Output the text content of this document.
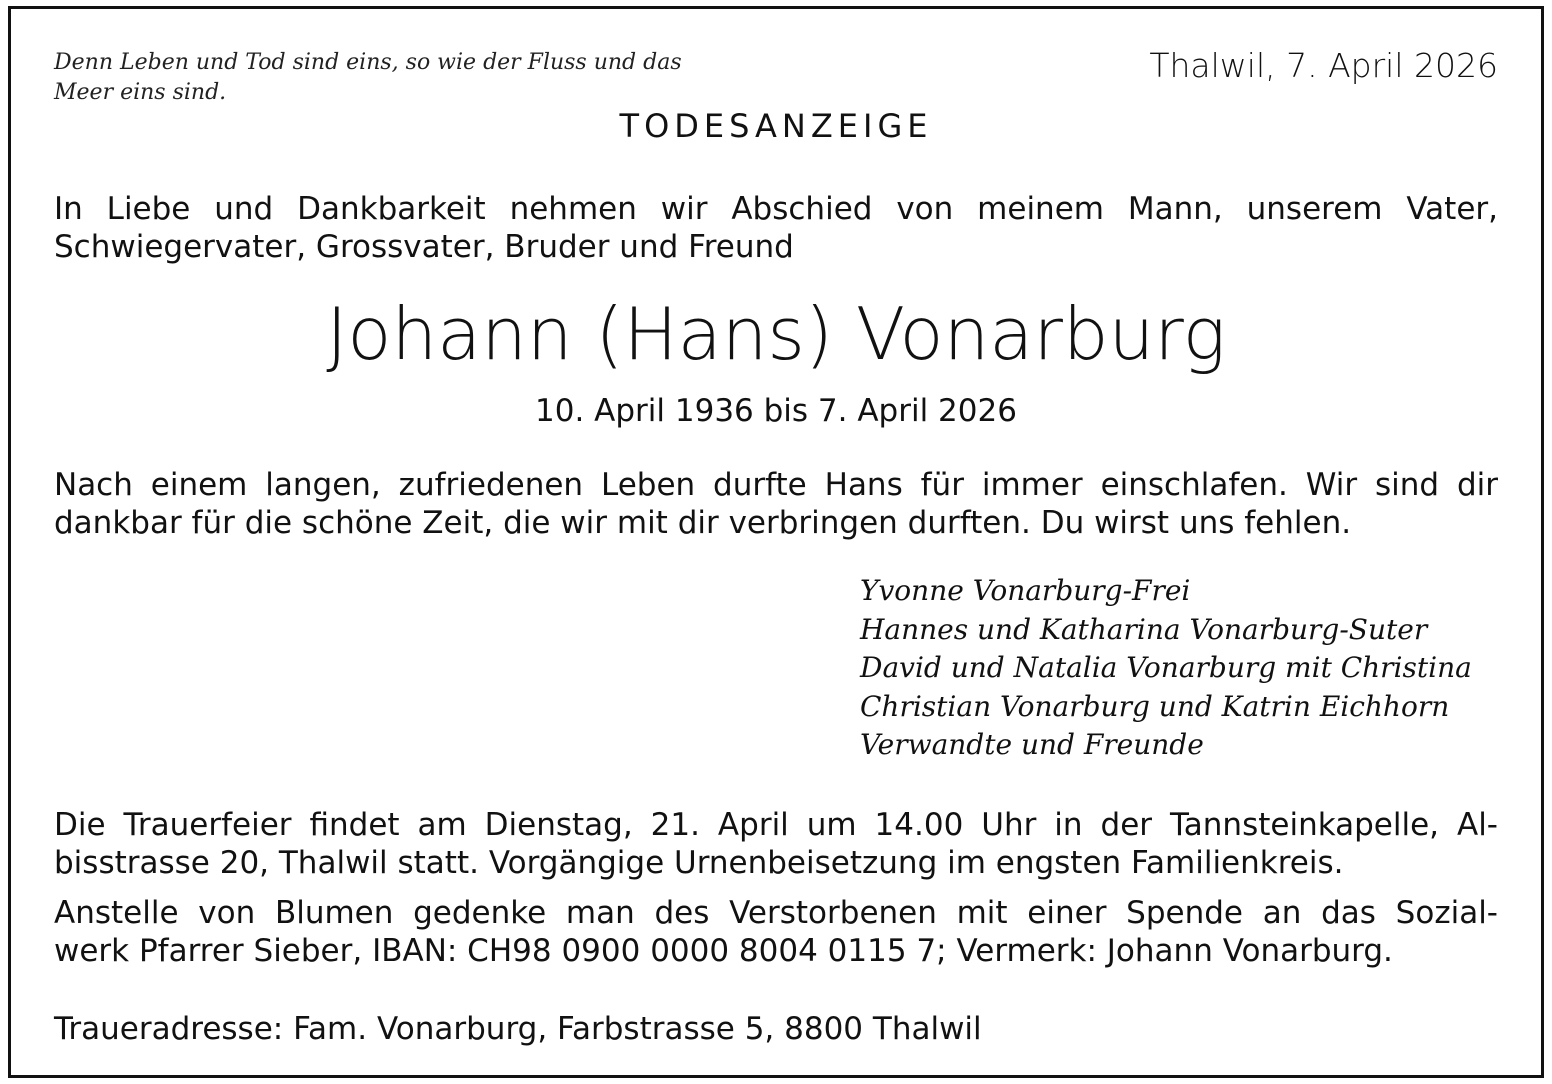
Denn Leben und Tod sind eins, so wie der Fluss und das
Meer eins sind.
Thalwil, 7. April 2026
TODESANZEIGE
In Liebe und Dankbarkeit nehmen wir Abschied von meinem Mann, unserem Vater,
Schwiegervater, Grossvater, Bruder und Freund
Johann (Hans) Vonarburg
10. April 1936 bis 7. April 2026
Nach einem langen, zufriedenen Leben durfte Hans für immer einschlafen. Wir sind dir
dankbar für die schöne Zeit, die wir mit dir verbringen durften. Du wirst uns fehlen.
Yvonne Vonarburg-Frei
Hannes und Katharina Vonarburg-Suter
David und Natalia Vonarburg mit Christina
Christian Vonarburg und Katrin Eichhorn
Verwandte und Freunde
Die Trauerfeier findet am Dienstag, 21. April um 14.00 Uhr in der Tannsteinkapelle, Al-
bisstrasse 20, Thalwil statt. Vorgängige Urnenbeisetzung im engsten Familienkreis.
Anstelle von Blumen gedenke man des Verstorbenen mit einer Spende an das Sozial-
werk Pfarrer Sieber, IBAN: CH98 0900 0000 8004 0115 7; Vermerk: Johann Vonarburg.
Traueradresse: Fam. Vonarburg, Farbstrasse 5, 8800 Thalwil
